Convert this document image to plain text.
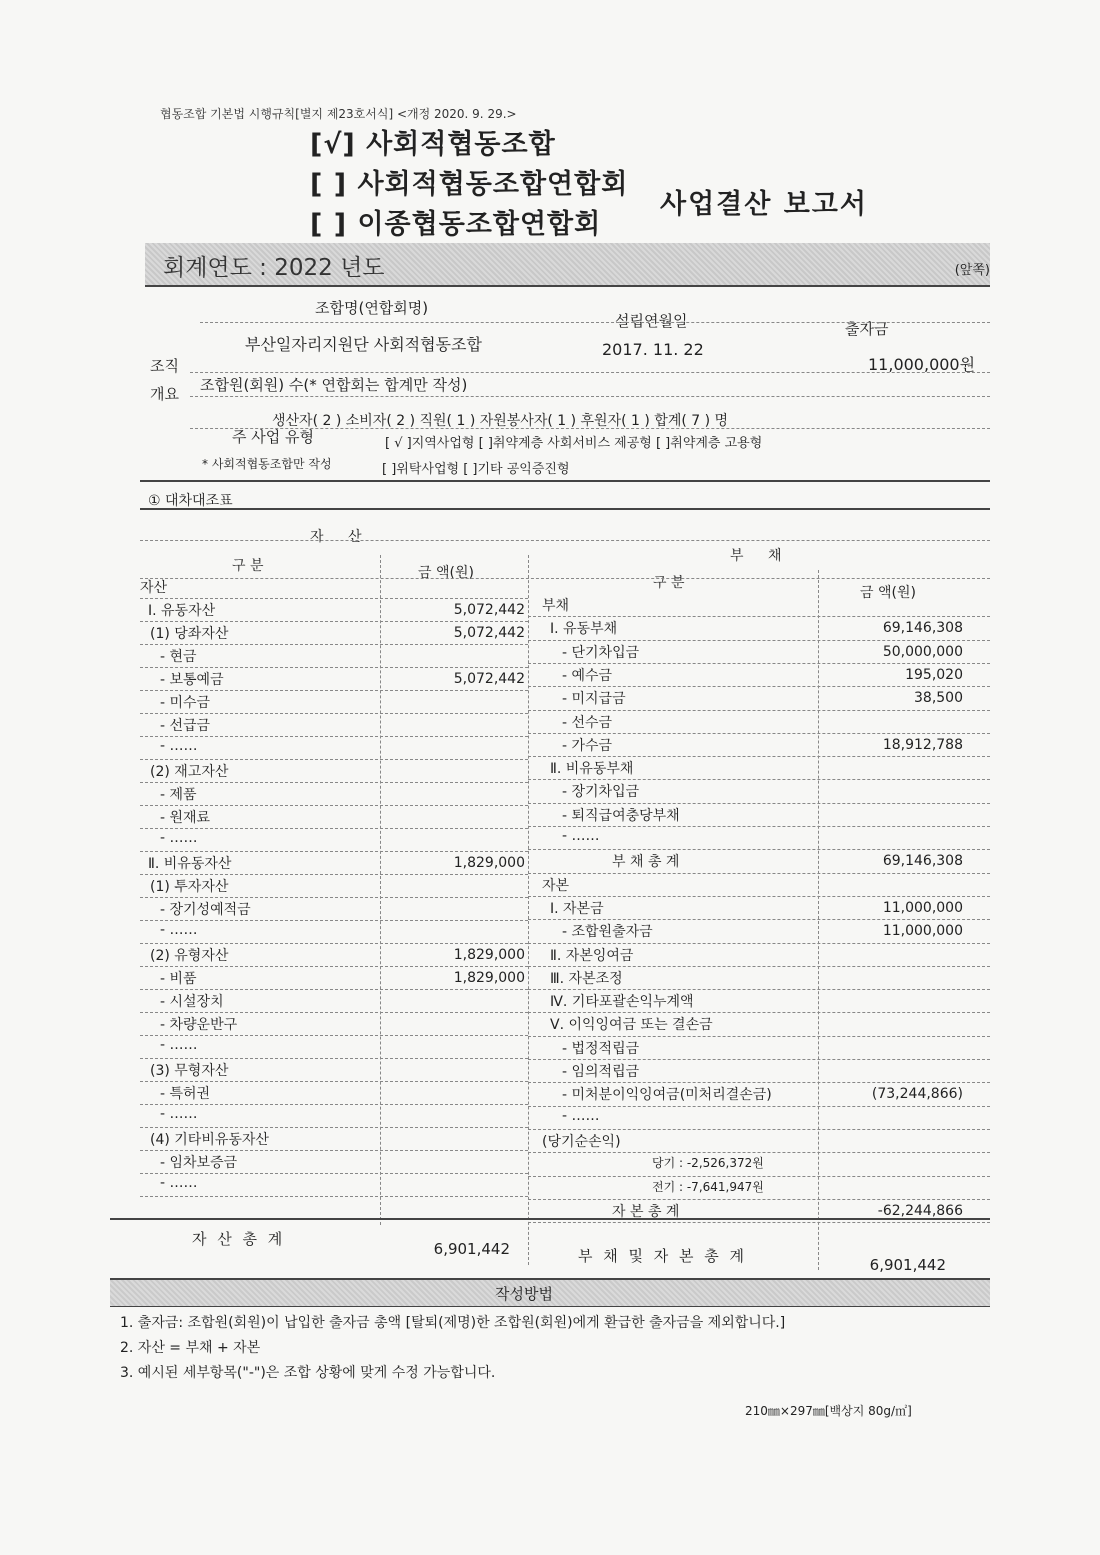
협동조합 기본법 시행규칙[별지 제23호서식] <개정 2020. 9. 29.>
[√] 사회적협동조합
[ ] 사회적협동조합연합회
[ ] 이종협동조합연합회
사업결산 보고서
회계연도 : 2022 년도	(앞쪽)
조합명(연합회명)
설립연월일	출자금
부산일자리지원단 사회적협동조합	2017. 11. 22
11,000,000원
조직
개요 조합원(회원) 수(* 연합회는 합계만 작성)
생산자( 2 ) 소비자( 2 ) 직원( 1 ) 자원봉사자( 1 ) 후원자( 1 ) 합계( 7 ) 명
주 사업 유형	[ √ ]지역사업형 [ ]취약계층 사회서비스 제공형 [ ]취약계층 고용형
* 사회적협동조합만 작성	[ ]위탁사업형 [ ]기타 공익증진형
① 대차대조표
자 산
부 채
구 분	금 액(원)
구 분
금 액(원)
자산
Ⅰ. 유동자산	5,072,442
(1) 당좌자산	5,072,442
- 현금
- 보통예금	5,072,442
- 미수금
- 선급금
- ……
(2) 재고자산
- 제품
- 원재료
- ……
Ⅱ. 비유동자산	1,829,000
(1) 투자자산
- 장기성예적금
- ……
(2) 유형자산	1,829,000
- 비품	1,829,000
- 시설장치
- 차량운반구
- ……
(3) 무형자산
- 특허권
- ……
(4) 기타비유동자산
- 임차보증금
- ……
부채
Ⅰ. 유동부채	69,146,308
- 단기차입금	50,000,000
- 예수금	195,020
- 미지급금	38,500
- 선수금
- 가수금	18,912,788
Ⅱ. 비유동부채
- 장기차입금
- 퇴직급여충당부채
- ……
부 채 총 계	69,146,308
자본
Ⅰ. 자본금	11,000,000
- 조합원출자금	11,000,000
Ⅱ. 자본잉여금
Ⅲ. 자본조정
Ⅳ. 기타포괄손익누계액
Ⅴ. 이익잉여금 또는 결손금
- 법정적립금
- 임의적립금
- 미처분이익잉여금(미처리결손금)	(73,244,866)
- ……
(당기순손익)
당기 : -2,526,372원
전기 : -7,641,947원
자 본 총 계	-62,244,866
자 산 총 계
6,901,442	부 채 및 자 본 총 계	6,901,442
작성방법
1. 출자금: 조합원(회원)이 납입한 출자금 총액 [탈퇴(제명)한 조합원(회원)에게 환급한 출자금을 제외합니다.]
2. 자산 = 부채 + 자본
3. 예시된 세부항목("-")은 조합 상황에 맞게 수정 가능합니다.
210㎜×297㎜[백상지 80g/㎡]
